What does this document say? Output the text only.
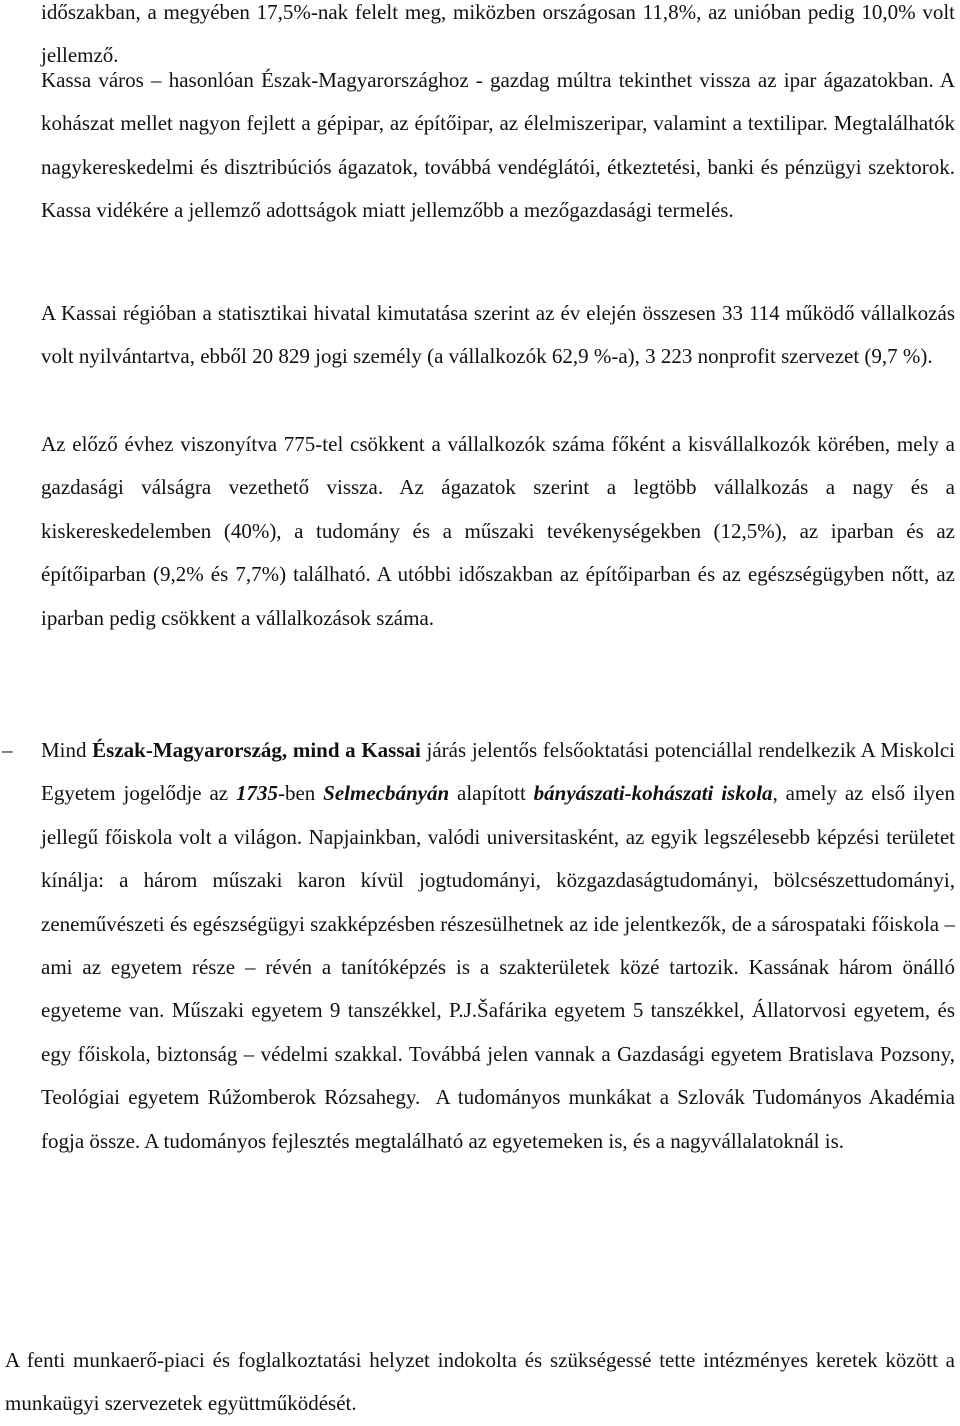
időszakban, a megyében 17,5%-nak felelt meg, miközben országosan 11,8%, az unióban pedig 10,0% volt jellemző.

Kassa város – hasonlóan Észak-Magyarországhoz - gazdag múltra tekinthet vissza az ipar ágazatokban. A kohászat mellet nagyon fejlett a gépipar, az építőipar, az élelmiszeripar, valamint a textilipar. Megtalálhatók nagykereskedelmi és disztribúciós ágazatok, továbbá vendéglátói, étkeztetési, banki és pénzügyi szektorok. Kassa vidékére a jellemző adottságok miatt jellemzőbb a mezőgazdasági termelés.

A Kassai régióban a statisztikai hivatal kimutatása szerint az év elején összesen 33 114 működő vállalkozás volt nyilvántartva, ebből 20 829 jogi személy (a vállalkozók 62,9 %-a), 3 223 nonprofit szervezet (9,7 %).

Az előző évhez viszonyítva 775-tel csökkent a vállalkozók száma főként a kisvállalkozók körében, mely a gazdasági válságra vezethető vissza. Az ágazatok szerint a legtöbb vállalkozás a nagy és a kiskereskedelemben (40%), a tudomány és a műszaki tevékenységekben (12,5%), az iparban és az építőiparban (9,2% és 7,7%) található. A utóbbi időszakban az építőiparban és az egészségügyben nőtt, az iparban pedig csökkent a vállalkozások száma.

– Mind Észak-Magyarország, mind a Kassai járás jelentős felsőoktatási potenciállal rendelkezik A Miskolci Egyetem jogelődje az 1735-ben Selmecbányán alapított bányászati-kohászati iskola, amely az első ilyen jellegű főiskola volt a világon. Napjainkban, valódi universitasként, az egyik legszélesebb képzési területet kínálja: a három műszaki karon kívül jogtudományi, közgazdaságtudományi, bölcsészettudományi, zeneművészeti és egészségügyi szakképzésben részesülhetnek az ide jelentkezők, de a sárospataki főiskola – ami az egyetem része – révén a tanítóképzés is a szakterületek közé tartozik. Kassának három önálló egyeteme van. Műszaki egyetem 9 tanszékkel, P.J.Šafárika egyetem 5 tanszékkel, Állatorvosi egyetem, és egy főiskola, biztonság – védelmi szakkal. Továbbá jelen vannak a Gazdasági egyetem Bratislava Pozsony, Teológiai egyetem Rúžomberok Rózsahegy.  A tudományos munkákat a Szlovák Tudományos Akadémia fogja össze. A tudományos fejlesztés megtalálható az egyetemeken is, és a nagyvállalatoknál is.

A fenti munkaerő-piaci és foglalkoztatási helyzet indokolta és szükségessé tette intézményes keretek között a munkaügyi szervezetek együttműködését.
